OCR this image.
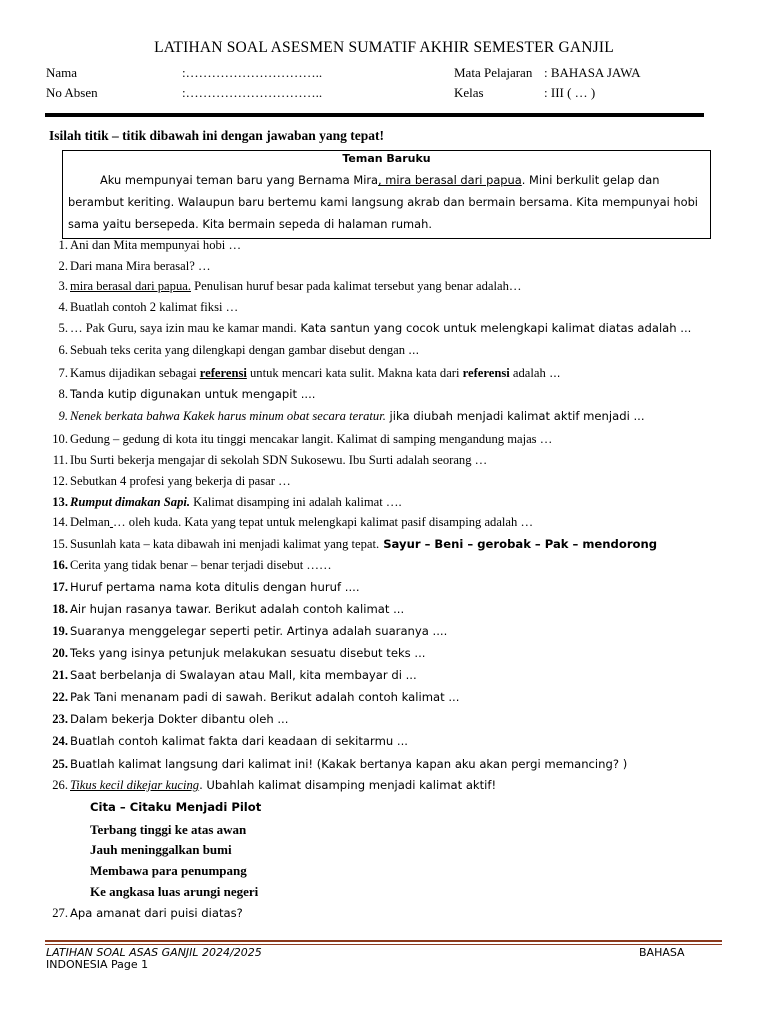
LATIHAN SOAL ASESMEN SUMATIF AKHIR SEMESTER GANJIL
Nama	:…………………………..
No Absen	:…………………………..
Mata Pelajaran : BAHASA JAWA
Kelas	: III ( … )
Isilah titik – titik dibawah ini dengan jawaban yang tepat!
Teman Baruku
Aku mempunyai teman baru yang Bernama Mira, mira berasal dari papua. Mini berkulit gelap dan
berambut keriting. Walaupun baru bertemu kami langsung akrab dan bermain bersama. Kita mempunyai hobi
sama yaitu bersepeda. Kita bermain sepeda di halaman rumah.
1. Ani dan Mita mempunyai hobi …
2. Dari mana Mira berasal? …
3. mira berasal dari papua. Penulisan huruf besar pada kalimat tersebut yang benar adalah…
4. Buatlah contoh 2 kalimat fiksi …
5. … Pak Guru, saya izin mau ke kamar mandi. Kata santun yang cocok untuk melengkapi kalimat diatas adalah ...
6. Sebuah teks cerita yang dilengkapi dengan gambar disebut dengan ...
7. Kamus dijadikan sebagai referensi untuk mencari kata sulit. Makna kata dari referensi adalah ...
8. Tanda kutip digunakan untuk mengapit ....
9. Nenek berkata bahwa Kakek harus minum obat secara teratur. jika diubah menjadi kalimat aktif menjadi ...
10. Gedung – gedung di kota itu tinggi mencakar langit. Kalimat di samping mengandung majas …
11. Ibu Surti bekerja mengajar di sekolah SDN Sukosewu. Ibu Surti adalah seorang …
12. Sebutkan 4 profesi yang bekerja di pasar …
13. Rumput dimakan Sapi. Kalimat disamping ini adalah kalimat ….
14. Delman … oleh kuda. Kata yang tepat untuk melengkapi kalimat pasif disamping adalah …
15. Susunlah kata – kata dibawah ini menjadi kalimat yang tepat. Sayur – Beni – gerobak – Pak – mendorong
16. Cerita yang tidak benar – benar terjadi disebut ……
17. Huruf pertama nama kota ditulis dengan huruf ....
18. Air hujan rasanya tawar. Berikut adalah contoh kalimat ...
19. Suaranya menggelegar seperti petir. Artinya adalah suaranya ....
20. Teks yang isinya petunjuk melakukan sesuatu disebut teks ...
21. Saat berbelanja di Swalayan atau Mall, kita membayar di ...
22. Pak Tani menanam padi di sawah. Berikut adalah contoh kalimat ...
23. Dalam bekerja Dokter dibantu oleh ...
24. Buatlah contoh kalimat fakta dari keadaan di sekitarmu ...
25. Buatlah kalimat langsung dari kalimat ini! (Kakak bertanya kapan aku akan pergi memancing? )
26. Tikus kecil dikejar kucing. Ubahlah kalimat disamping menjadi kalimat aktif!
Cita – Citaku Menjadi Pilot
Terbang tinggi ke atas awan
Jauh meninggalkan bumi
Membawa para penumpang
Ke angkasa luas arungi negeri
27. Apa amanat dari puisi diatas?
LATIHAN SOAL ASAS GANJIL 2024/2025	BAHASA
INDONESIA Page 1
